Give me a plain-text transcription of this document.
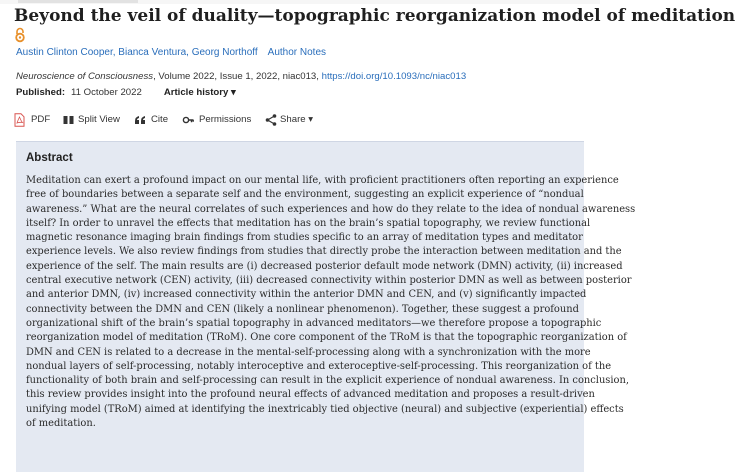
Beyond the veil of duality—topographic reorganization model of meditation
Austin Clinton Cooper, Bianca Ventura, Georg Northoff Author Notes
Neuroscience of Consciousness, Volume 2022, Issue 1, 2022, niac013, https://doi.org/10.1093/nc/niac013
Published: 11 October 2022 Article history ▾
PDF	Split View	Cite	Permissions	Share ▾
Abstract
Meditation can exert a profound impact on our mental life, with proficient practitioners often reporting an experience
free of boundaries between a separate self and the environment, suggesting an explicit experience of “nondual
awareness.” What are the neural correlates of such experiences and how do they relate to the idea of nondual awareness
itself? In order to unravel the effects that meditation has on the brain’s spatial topography, we review functional
magnetic resonance imaging brain findings from studies specific to an array of meditation types and meditator
experience levels. We also review findings from studies that directly probe the interaction between meditation and the
experience of the self. The main results are (i) decreased posterior default mode network (DMN) activity, (ii) increased
central executive network (CEN) activity, (iii) decreased connectivity within posterior DMN as well as between posterior
and anterior DMN, (iv) increased connectivity within the anterior DMN and CEN, and (v) significantly impacted
connectivity between the DMN and CEN (likely a nonlinear phenomenon). Together, these suggest a profound
organizational shift of the brain’s spatial topography in advanced meditators—we therefore propose a topographic
reorganization model of meditation (TRoM). One core component of the TRoM is that the topographic reorganization of
DMN and CEN is related to a decrease in the mental-self-processing along with a synchronization with the more
nondual layers of self-processing, notably interoceptive and exteroceptive-self-processing. This reorganization of the
functionality of both brain and self-processing can result in the explicit experience of nondual awareness. In conclusion,
this review provides insight into the profound neural effects of advanced meditation and proposes a result-driven
unifying model (TRoM) aimed at identifying the inextricably tied objective (neural) and subjective (experiential) effects
of meditation.
